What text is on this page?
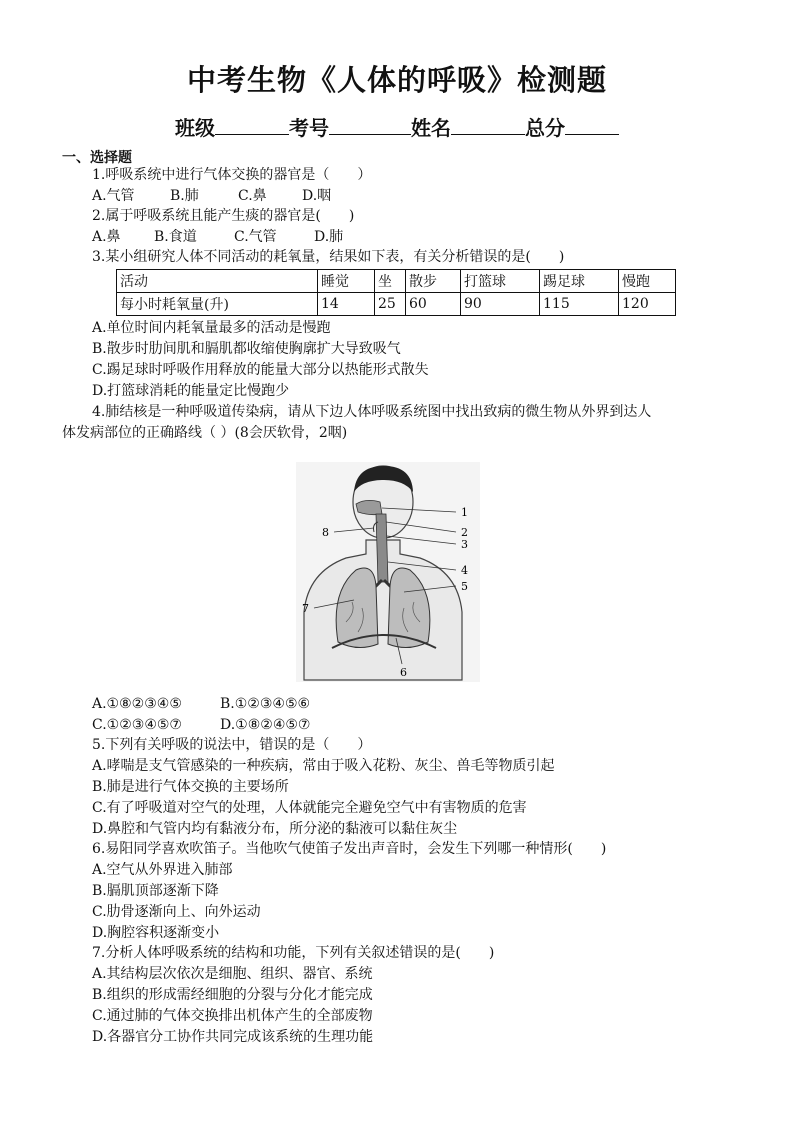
中考生物《人体的呼吸》检测题
班级	考号	姓名	总分
一、选择题
1.呼吸系统中进行气体交换的器官是（　　）
A.气管	B.肺	C.鼻	D.咽
2.属于呼吸系统且能产生痰的器官是(　　)
A.鼻 B.食道	C.气管	D.肺
3.某小组研究人体不同活动的耗氧量，结果如下表，有关分析错误的是(　　)
活动	睡觉	坐	散步	打篮球	踢足球	慢跑
每小时耗氧量(升)	14	25	60	90	115	120
A.单位时间内耗氧量最多的活动是慢跑
B.散步时肋间肌和膈肌都收缩使胸廓扩大导致吸气
C.踢足球时呼吸作用释放的能量大部分以热能形式散失
D.打篮球消耗的能量定比慢跑少
4.肺结核是一种呼吸道传染病，请从下边人体呼吸系统图中找出致病的微生物从外界到达人
体发病部位的正确路线（ ）(8会厌软骨，2咽)
1
2
3
4
5
6
7
8
A.①⑧②③④⑤	B.①②③④⑤⑥
C.①②③④⑤⑦	D.①⑧②④⑤⑦
5.下列有关呼吸的说法中，错误的是（　　）
A.哮喘是支气管感染的一种疾病，常由于吸入花粉、灰尘、兽毛等物质引起
B.肺是进行气体交换的主要场所
C.有了呼吸道对空气的处理，人体就能完全避免空气中有害物质的危害
D.鼻腔和气管内均有黏液分布，所分泌的黏液可以黏住灰尘
6.易阳同学喜欢吹笛子。当他吹气使笛子发出声音时，会发生下列哪一种情形(　　)
A.空气从外界进入肺部
B.膈肌顶部逐渐下降
C.肋骨逐渐向上、向外运动
D.胸腔容积逐渐变小
7.分析人体呼吸系统的结构和功能，下列有关叙述错误的是(　　)
A.其结构层次依次是细胞、组织、器官、系统
B.组织的形成需经细胞的分裂与分化才能完成
C.通过肺的气体交换排出机体产生的全部废物
D.各器官分工协作共同完成该系统的生理功能
